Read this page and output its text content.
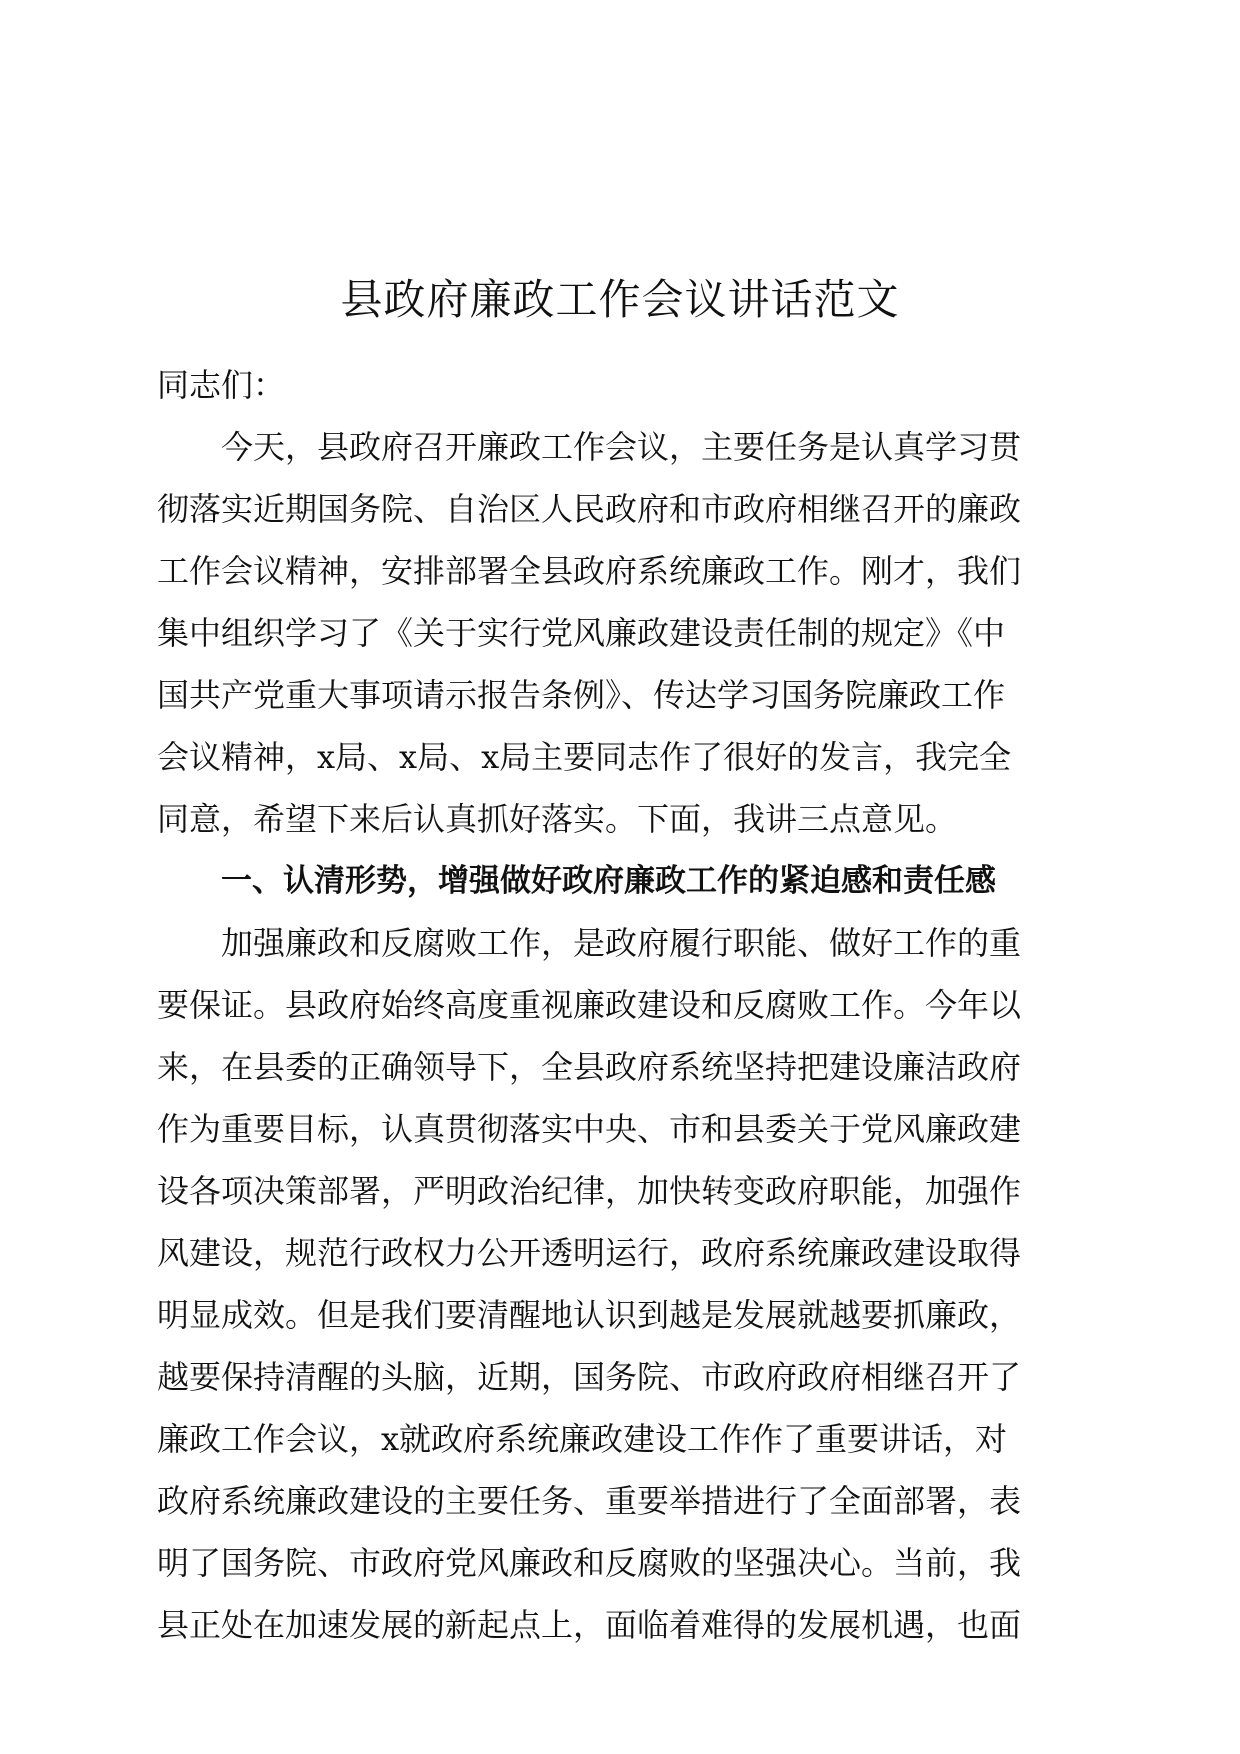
县政府廉政工作会议讲话范文
同志们：
今天，县政府召开廉政工作会议，主要任务是认真学习贯
彻落实近期国务院、自治区人民政府和市政府相继召开的廉政
工作会议精神，安排部署全县政府系统廉政工作。刚才，我们
集中组织学习了《关于实行党风廉政建设责任制的规定》《中
国共产党重大事项请示报告条例》、传达学习国务院廉政工作
会议精神，x局、x局、x局主要同志作了很好的发言，我完全
同意，希望下来后认真抓好落实。下面，我讲三点意见。
一、认清形势，增强做好政府廉政工作的紧迫感和责任感
加强廉政和反腐败工作，是政府履行职能、做好工作的重
要保证。县政府始终高度重视廉政建设和反腐败工作。今年以
来，在县委的正确领导下，全县政府系统坚持把建设廉洁政府
作为重要目标，认真贯彻落实中央、市和县委关于党风廉政建
设各项决策部署，严明政治纪律，加快转变政府职能，加强作
风建设，规范行政权力公开透明运行，政府系统廉政建设取得
明显成效。但是我们要清醒地认识到越是发展就越要抓廉政，
越要保持清醒的头脑，近期，国务院、市政府政府相继召开了
廉政工作会议，x就政府系统廉政建设工作作了重要讲话，对
政府系统廉政建设的主要任务、重要举措进行了全面部署，表
明了国务院、市政府党风廉政和反腐败的坚强决心。当前，我
县正处在加速发展的新起点上，面临着难得的发展机遇，也面
